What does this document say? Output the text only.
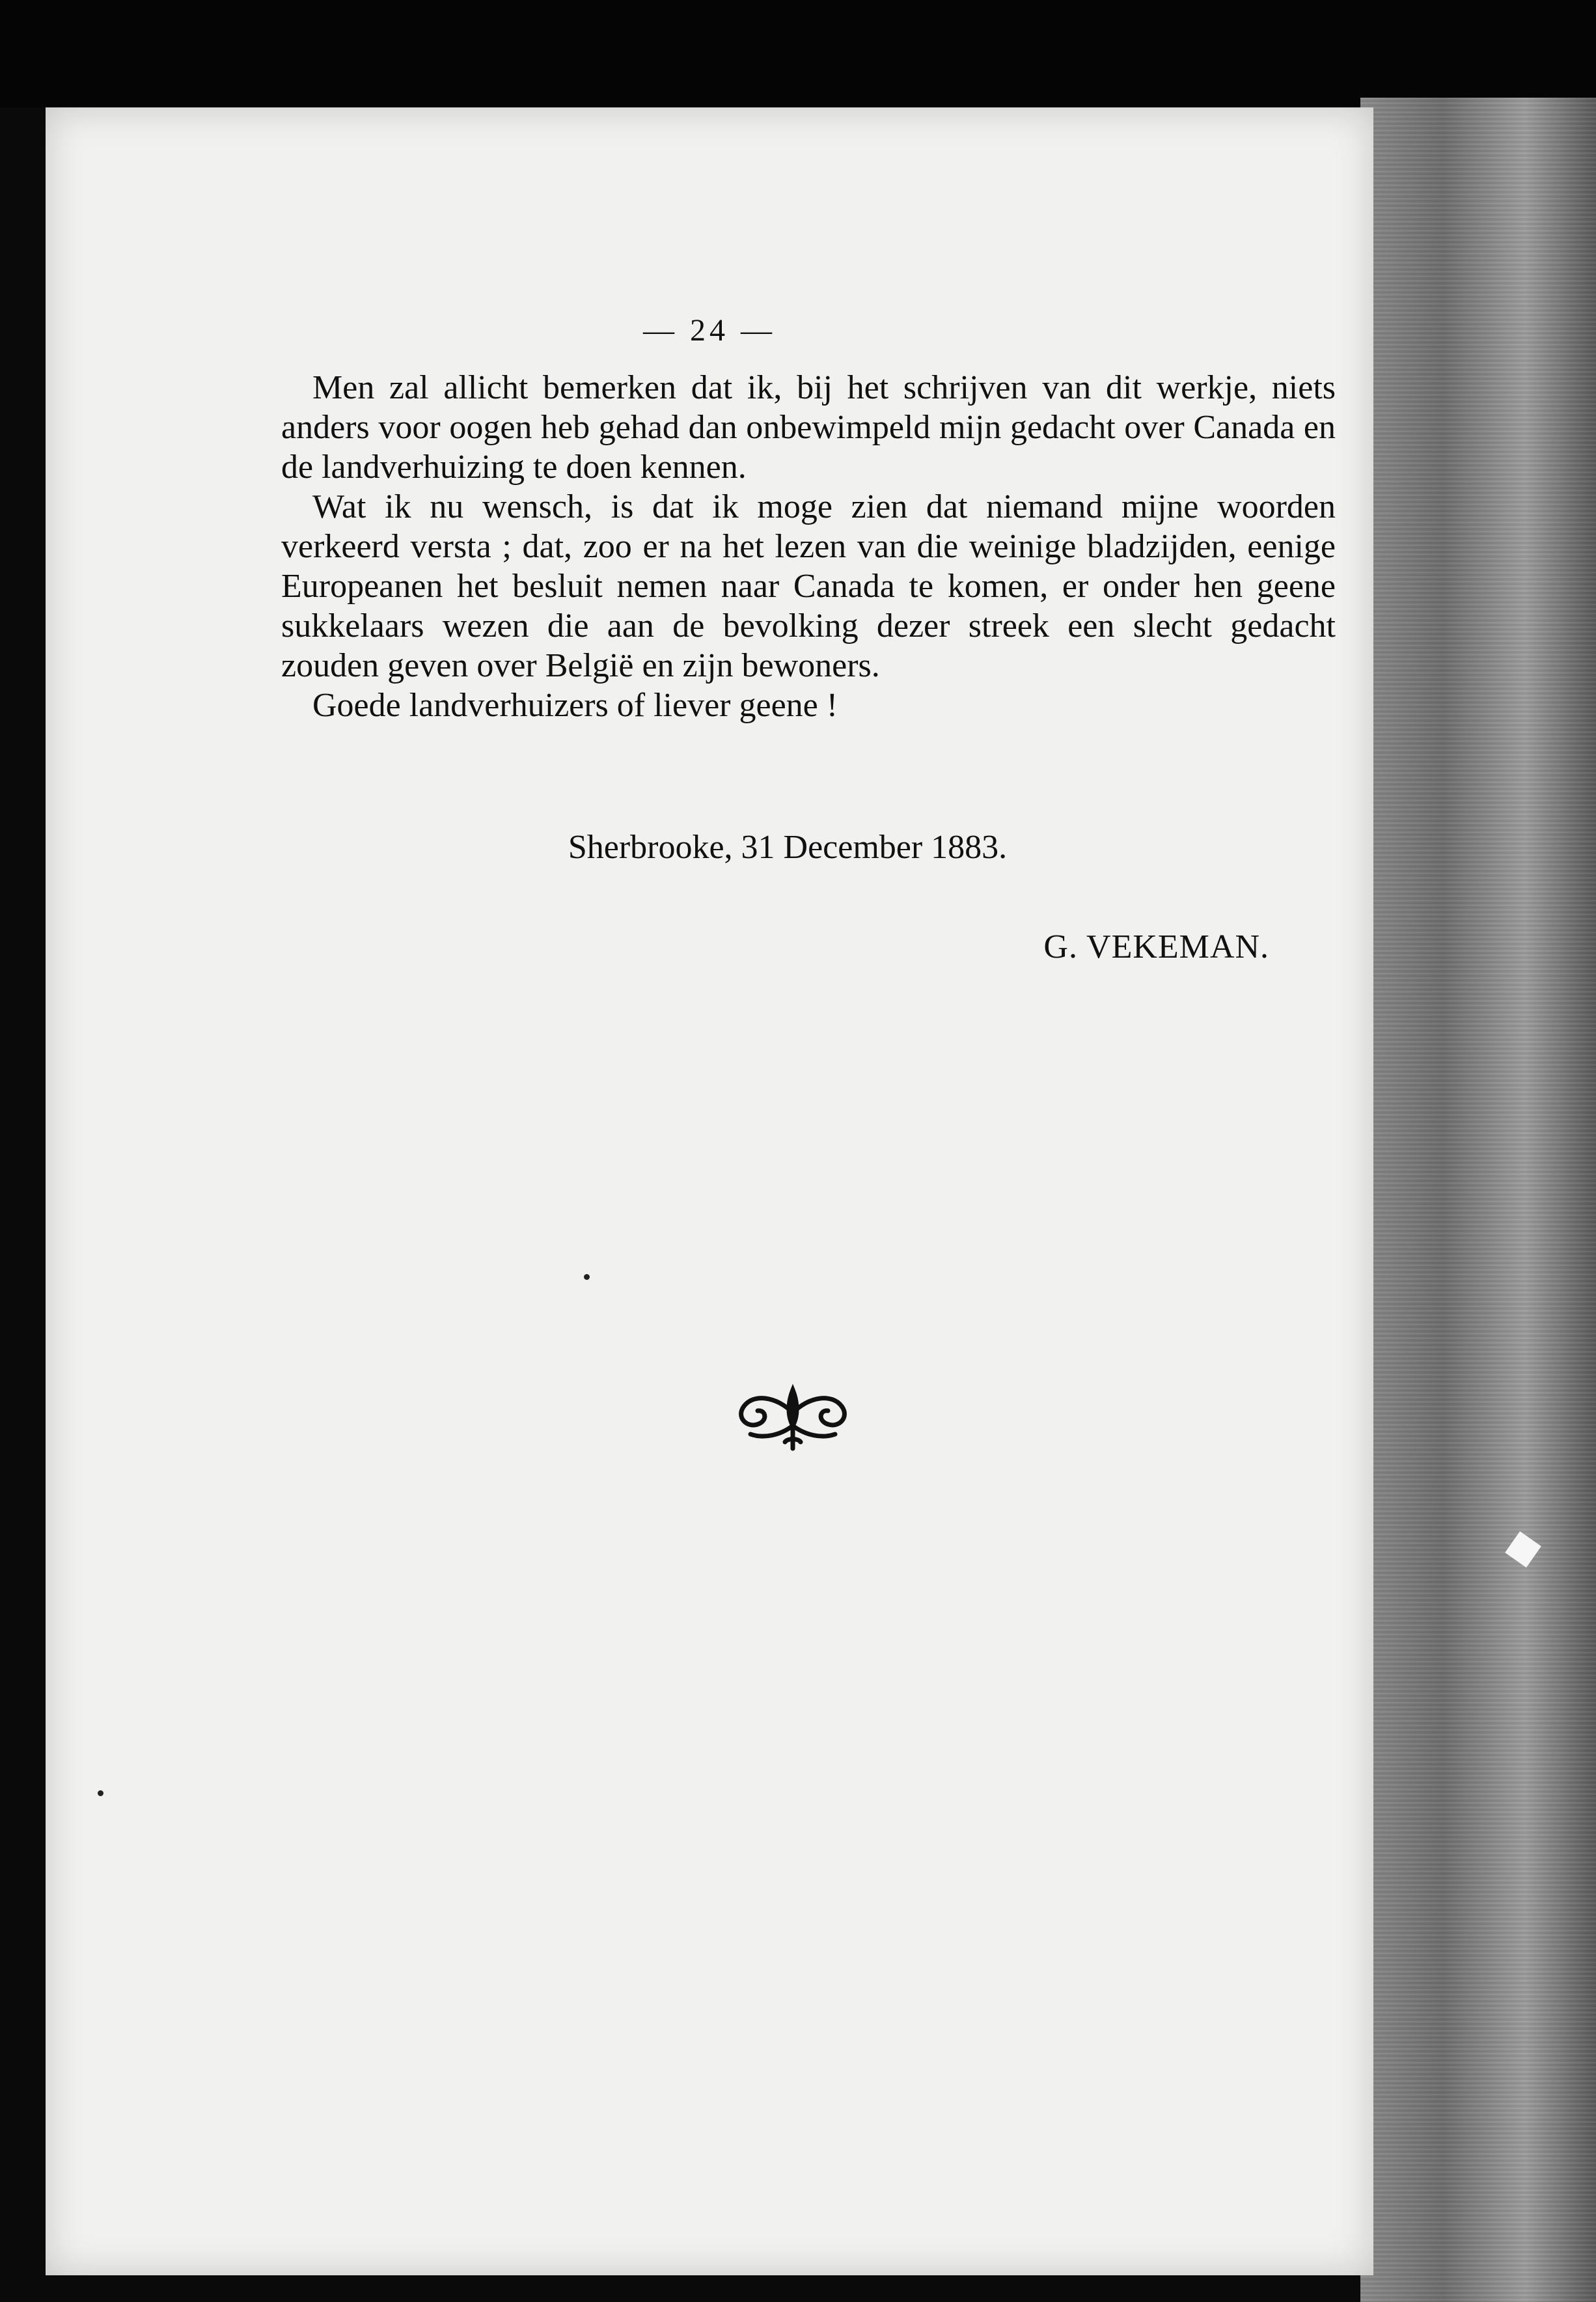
— 24 —

Men zal allicht bemerken dat ik, bij het schrijven van dit werkje, niets anders voor oogen heb gehad dan onbewimpeld mijn gedacht over Canada en de landverhuizing te doen kennen.

Wat ik nu wensch, is dat ik moge zien dat niemand mijne woorden verkeerd versta ; dat, zoo er na het lezen van die weinige bladzijden, eenige Europeanen het besluit nemen naar Canada te komen, er onder hen geene sukkelaars wezen die aan de bevolking dezer streek een slecht gedacht zouden geven over België en zijn bewoners.

Goede landverhuizers of liever geene !

Sherbrooke, 31 December 1883.
G. VEKEMAN.
